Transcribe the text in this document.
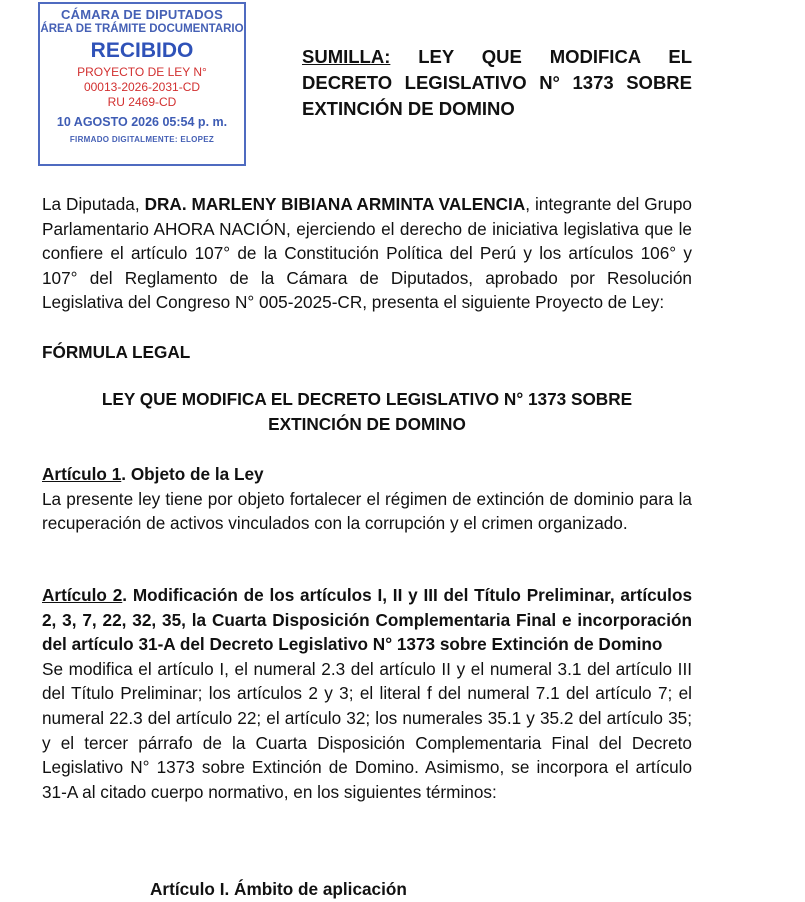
CÁMARA DE DIPUTADOS
ÁREA DE TRÁMITE DOCUMENTARIO
RECIBIDO
PROYECTO DE LEY N°
00013-2026-2031-CD
RU 2469-CD
10 AGOSTO 2026 05:54 p. m.
FIRMADO DIGITALMENTE: ELOPEZ
SUMILLA: LEY QUE MODIFICA EL DECRETO LEGISLATIVO N° 1373 SOBRE EXTINCIÓN DE DOMINO
La Diputada, DRA. MARLENY BIBIANA ARMINTA VALENCIA, integrante del Grupo Parlamentario AHORA NACIÓN, ejerciendo el derecho de iniciativa legislativa que le confiere el artículo 107° de la Constitución Política del Perú y los artículos 106° y 107° del Reglamento de la Cámara de Diputados, aprobado por Resolución Legislativa del Congreso N° 005-2025-CR, presenta el siguiente Proyecto de Ley:
FÓRMULA LEGAL
LEY QUE MODIFICA EL DECRETO LEGISLATIVO N° 1373 SOBRE
EXTINCIÓN DE DOMINO
Artículo 1. Objeto de la Ley
La presente ley tiene por objeto fortalecer el régimen de extinción de dominio para la recuperación de activos vinculados con la corrupción y el crimen organizado.
Artículo 2. Modificación de los artículos I, II y III del Título Preliminar, artículos 2, 3, 7, 22, 32, 35, la Cuarta Disposición Complementaria Final e incorporación del artículo 31-A del Decreto Legislativo N° 1373 sobre Extinción de Domino
Se modifica el artículo I, el numeral 2.3 del artículo II y el numeral 3.1 del artículo III del Título Preliminar; los artículos 2 y 3; el literal f del numeral 7.1 del artículo 7; el numeral 22.3 del artículo 22; el artículo 32; los numerales 35.1 y 35.2 del artículo 35; y el tercer párrafo de la Cuarta Disposición Complementaria Final del Decreto Legislativo N° 1373 sobre Extinción de Domino. Asimismo, se incorpora el artículo 31-A al citado cuerpo normativo, en los siguientes términos:
Artículo I. Ámbito de aplicación
